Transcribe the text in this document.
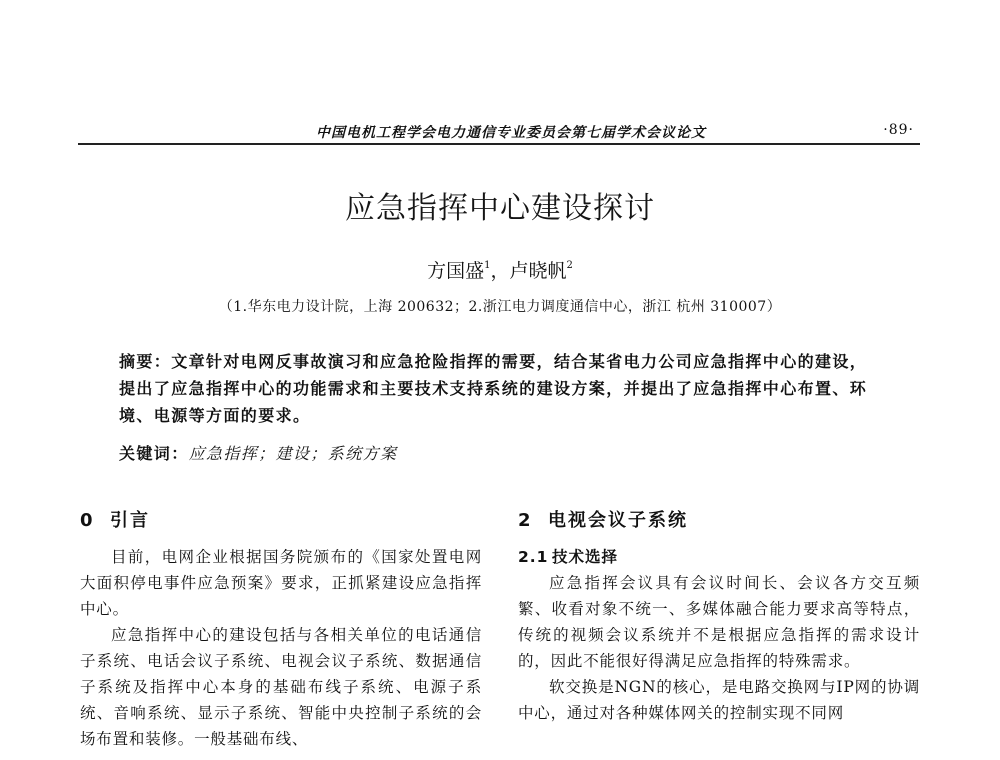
中国电机工程学会电力通信专业委员会第七届学术会议论文	·89·
应急指挥中心建设探讨
方国盛$^1$，卢晓帆$^2$
（1.华东电力设计院，上海 200632；2.浙江电力调度通信中心，浙江 杭州 310007）
摘要：文章针对电网反事故演习和应急抢险指挥的需要，结合某省电力公司应急指挥中心的建设，提出了应急指挥中心的功能需求和主要技术支持系统的建设方案，并提出了应急指挥中心布置、环境、电源等方面的要求。
关键词：应急指挥；建设；系统方案
0 引言

目前，电网企业根据国务院颁布的《国家处置电网大面积停电事件应急预案》要求，正抓紧建设应急指挥中心。

应急指挥中心的建设包括与各相关单位的电话通信子系统、电话会议子系统、电视会议子系统、数据通信子系统及指挥中心本身的基础布线子系统、电源子系统、音响系统、显示子系统、智能中央控制子系统的会场布置和装修。一般基础布线、

2 电视会议子系统
2.1 技术选择

应急指挥会议具有会议时间长、会议各方交互频繁、收看对象不统一、多媒体融合能力要求高等特点，传统的视频会议系统并不是根据应急指挥的需求设计的，因此不能很好得满足应急指挥的特殊需求。

软交换是NGN的核心，是电路交换网与IP网的协调中心，通过对各种媒体网关的控制实现不同网
